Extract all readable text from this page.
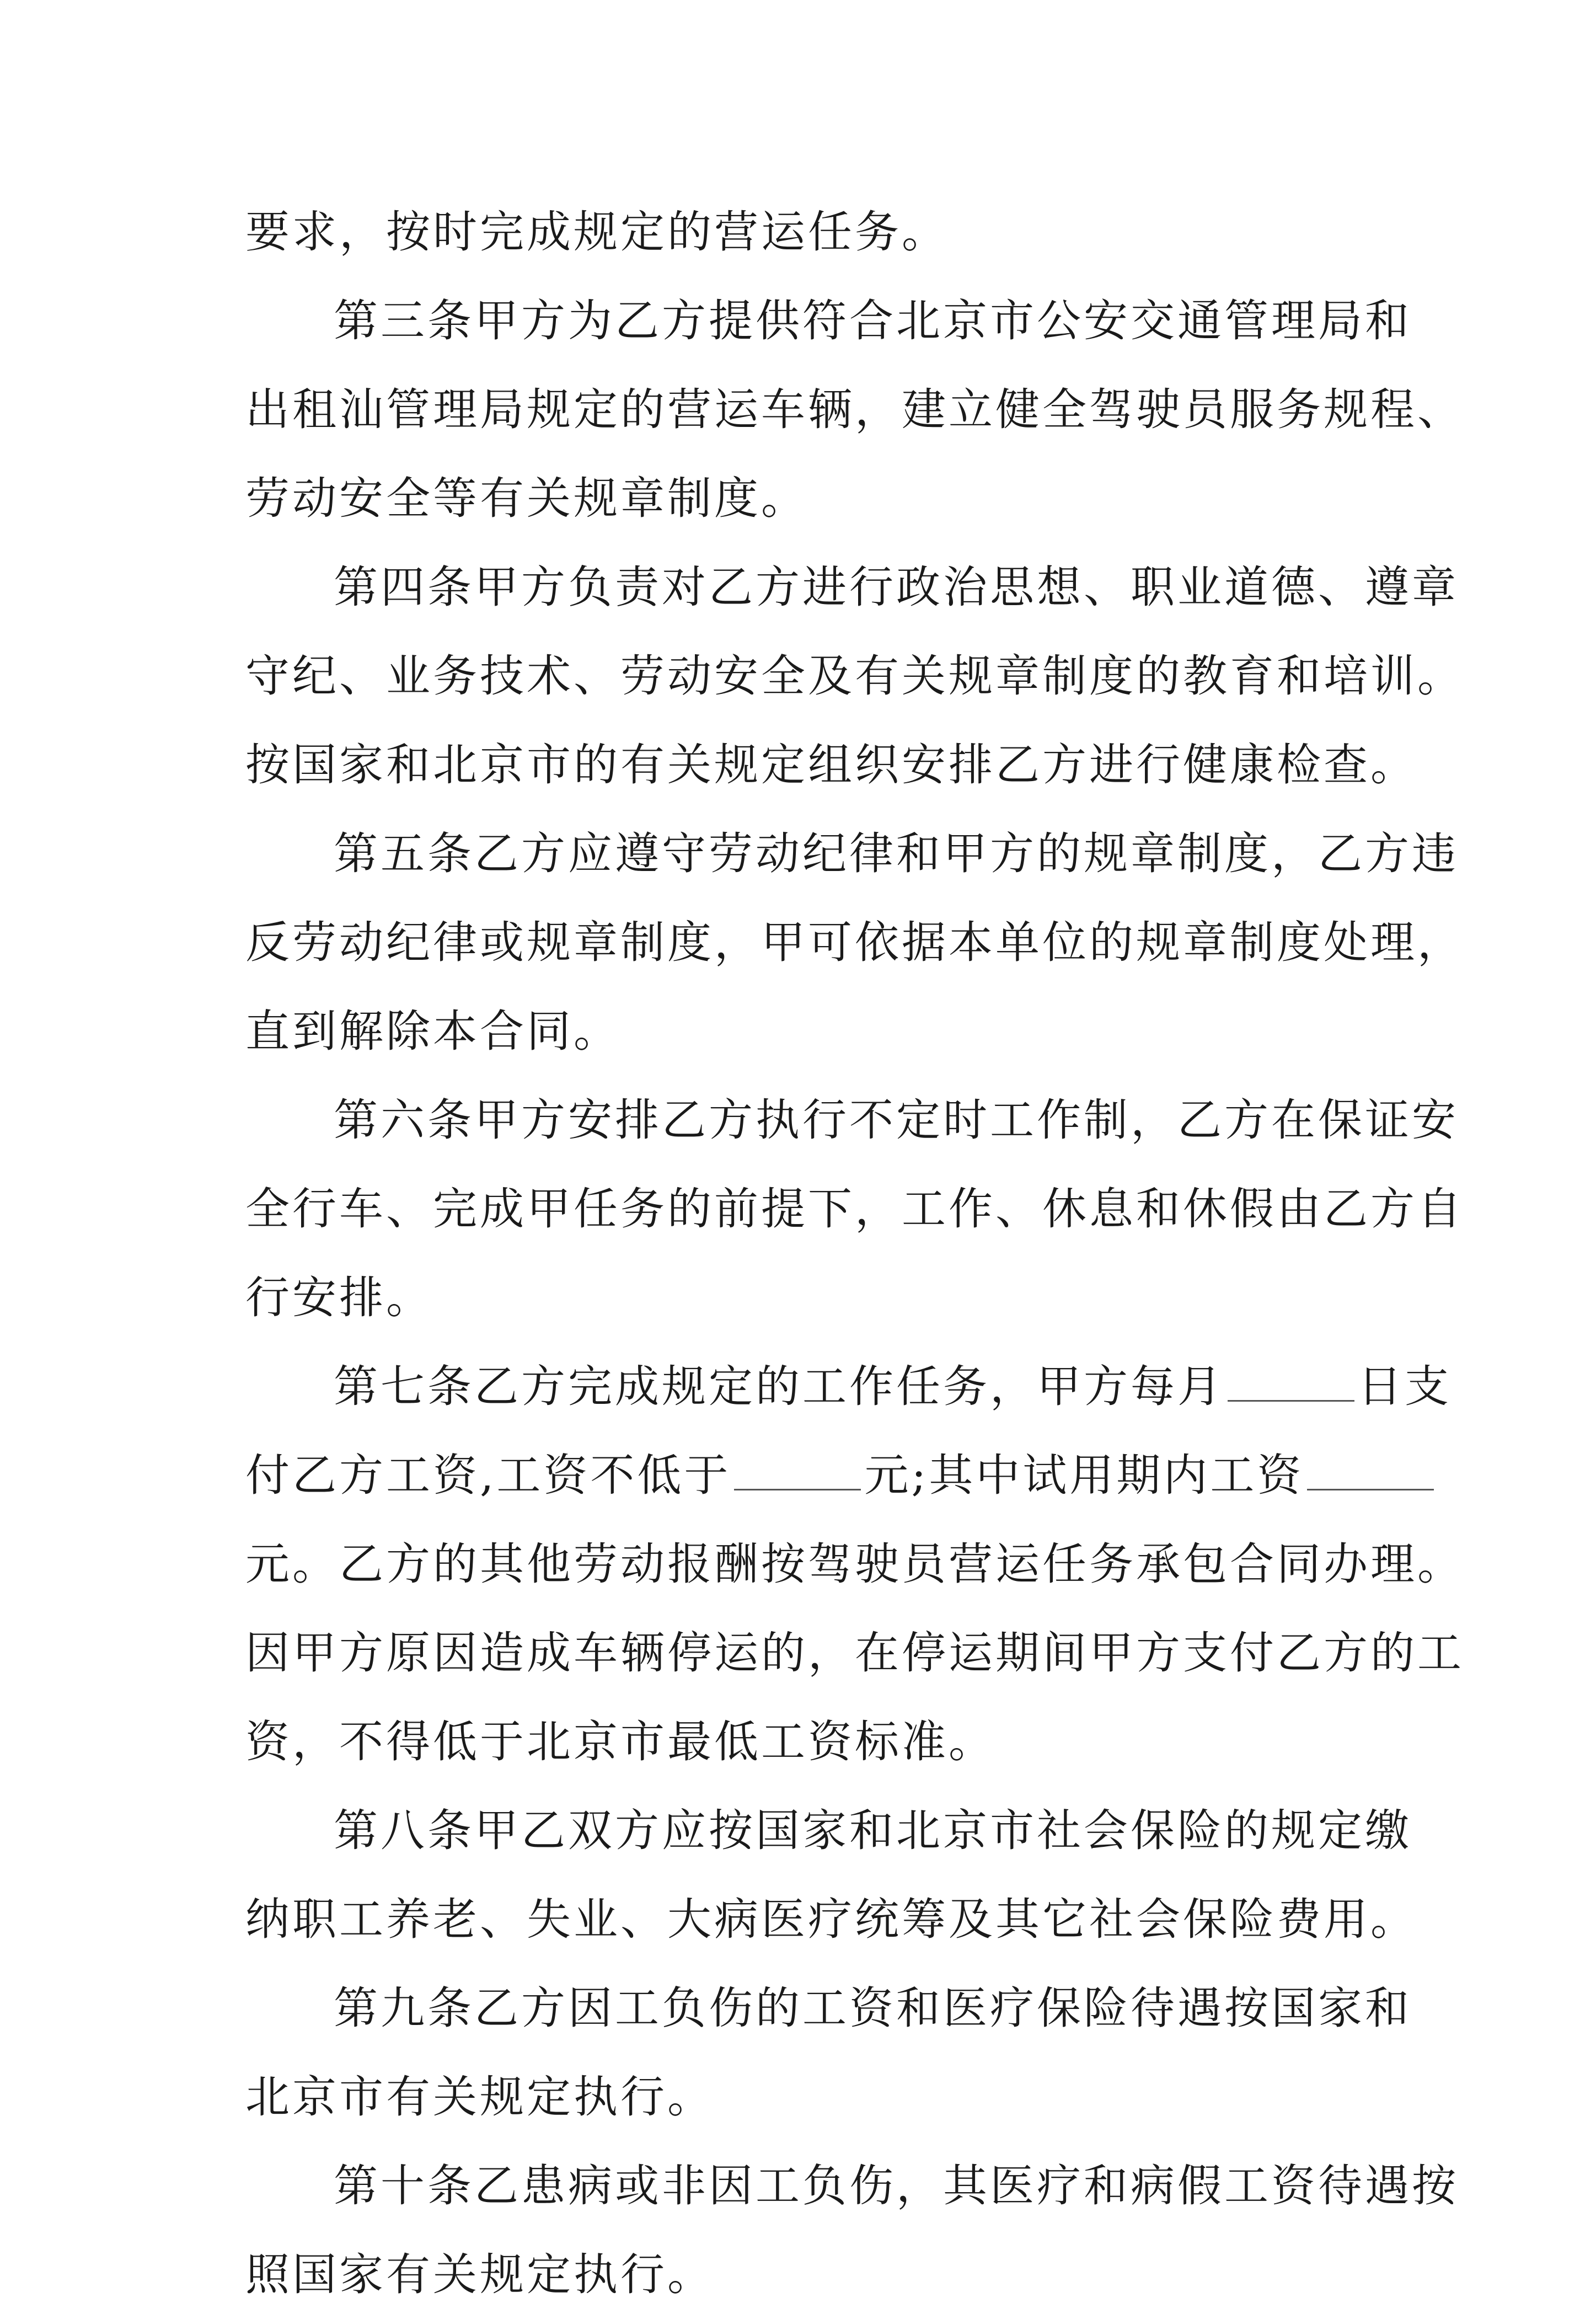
要求，按时完成规定的营运任务。

第三条甲方为乙方提供符合北京市公安交通管理局和
出租汕管理局规定的营运车辆，建立健全驾驶员服务规程、
劳动安全等有关规章制度。

第四条甲方负责对乙方进行政治思想、职业道德、遵章
守纪、业务技术、劳动安全及有关规章制度的教育和培训。
按国家和北京市的有关规定组织安排乙方进行健康检查。

第五条乙方应遵守劳动纪律和甲方的规章制度，乙方违
反劳动纪律或规章制度，甲可依据本单位的规章制度处理，
直到解除本合同。

第六条甲方安排乙方执行不定时工作制，乙方在保证安
全行车、完成甲任务的前提下，工作、休息和休假由乙方自
行安排。

第七条乙方完成规定的工作任务，甲方每月	日支
付乙方工资,工资不低于	元;其中试用期内工资
元。乙方的其他劳动报酬按驾驶员营运任务承包合同办理。
因甲方原因造成车辆停运的，在停运期间甲方支付乙方的工
资，不得低于北京市最低工资标准。

第八条甲乙双方应按国家和北京市社会保险的规定缴
纳职工养老、失业、大病医疗统筹及其它社会保险费用。

第九条乙方因工负伤的工资和医疗保险待遇按国家和
北京市有关规定执行。

第十条乙患病或非因工负伤，其医疗和病假工资待遇按
照国家有关规定执行。
